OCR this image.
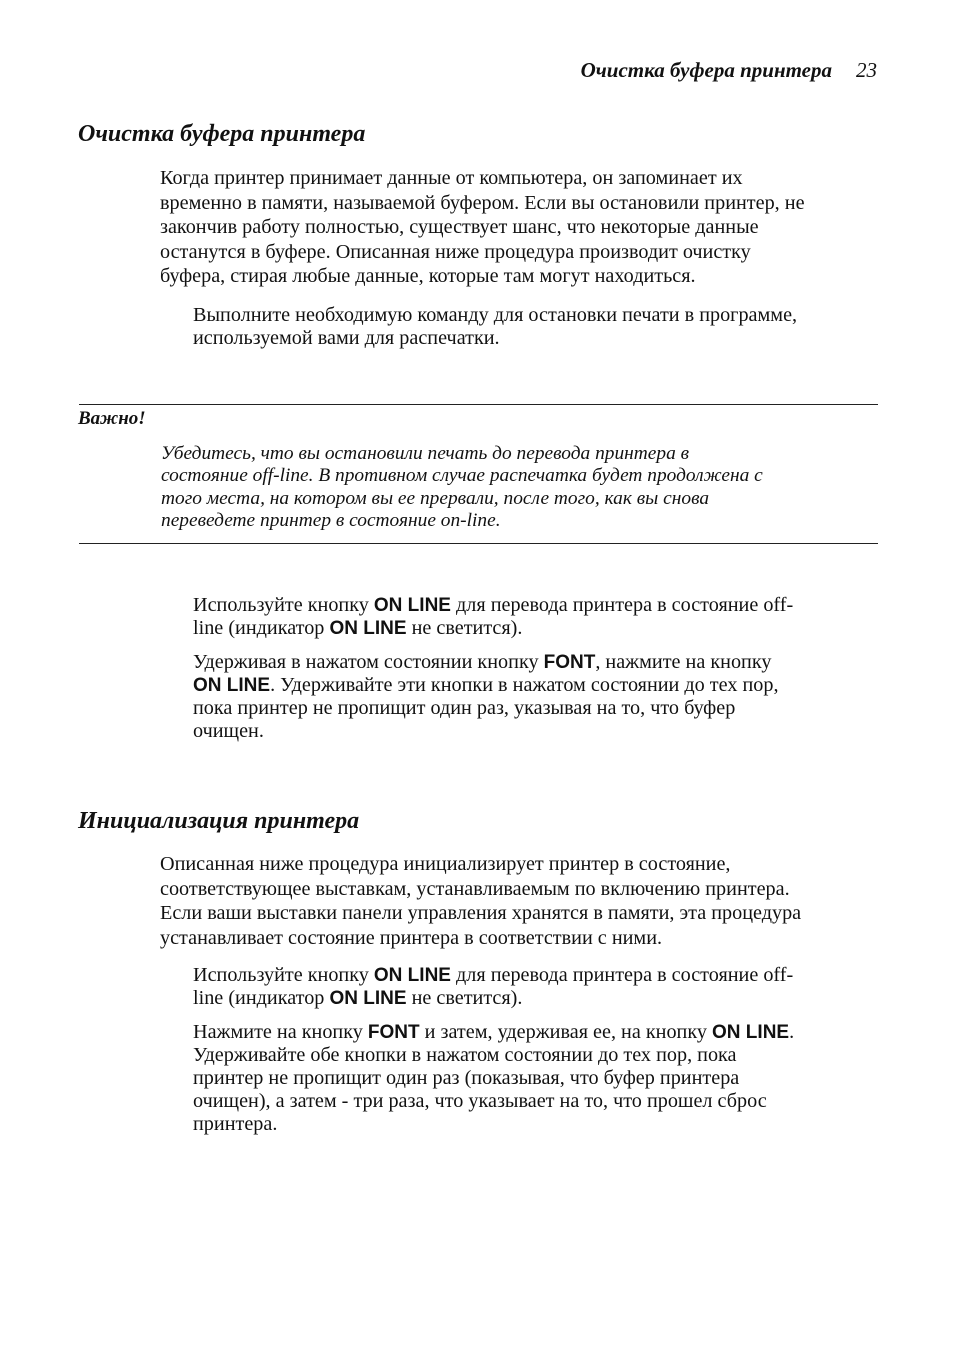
Очистка буфера принтера 23
Очистка буфера принтера
Когда принтер принимает данные от компьютера, он запоминает их
временно в памяти, называемой буфером. Если вы остановили принтер, не
закончив работу полностью, существует шанс, что некоторые данные
останутся в буфере. Описанная ниже процедура производит очистку
буфера, стирая любые данные, которые там могут находиться.
Выполните необходимую команду для остановки печати в программе,
используемой вами для распечатки.
Важно!
Убедитесь, что вы остановили печать до перевода принтера в
состояние off-line. В противном случае распечатка будет продолжена с
того места, на котором вы ее прервали, после того, как вы снова
переведете принтер в состояние on-line.
Используйте кнопку ON LINE для перевода принтера в состояние off-
line (индикатор ON LINE не светится).
Удерживая в нажатом состоянии кнопку FONT, нажмите на кнопку
ON LINE. Удерживайте эти кнопки в нажатом состоянии до тех пор,
пока принтер не пропищит один раз, указывая на то, что буфер
очищен.
Инициализация принтера
Описанная ниже процедура инициализирует принтер в состояние,
соответствующее выставкам, устанавливаемым по включению принтера.
Если ваши выставки панели управления хранятся в памяти, эта процедура
устанавливает состояние принтера в соответствии с ними.
Используйте кнопку ON LINE для перевода принтера в состояние off-
line (индикатор ON LINE не светится).
Нажмите на кнопку FONT и затем, удерживая ее, на кнопку ON LINE.
Удерживайте обе кнопки в нажатом состоянии до тех пор, пока
принтер не пропищит один раз (показывая, что буфер принтера
очищен), а затем - три раза, что указывает на то, что прошел сброс
принтера.
